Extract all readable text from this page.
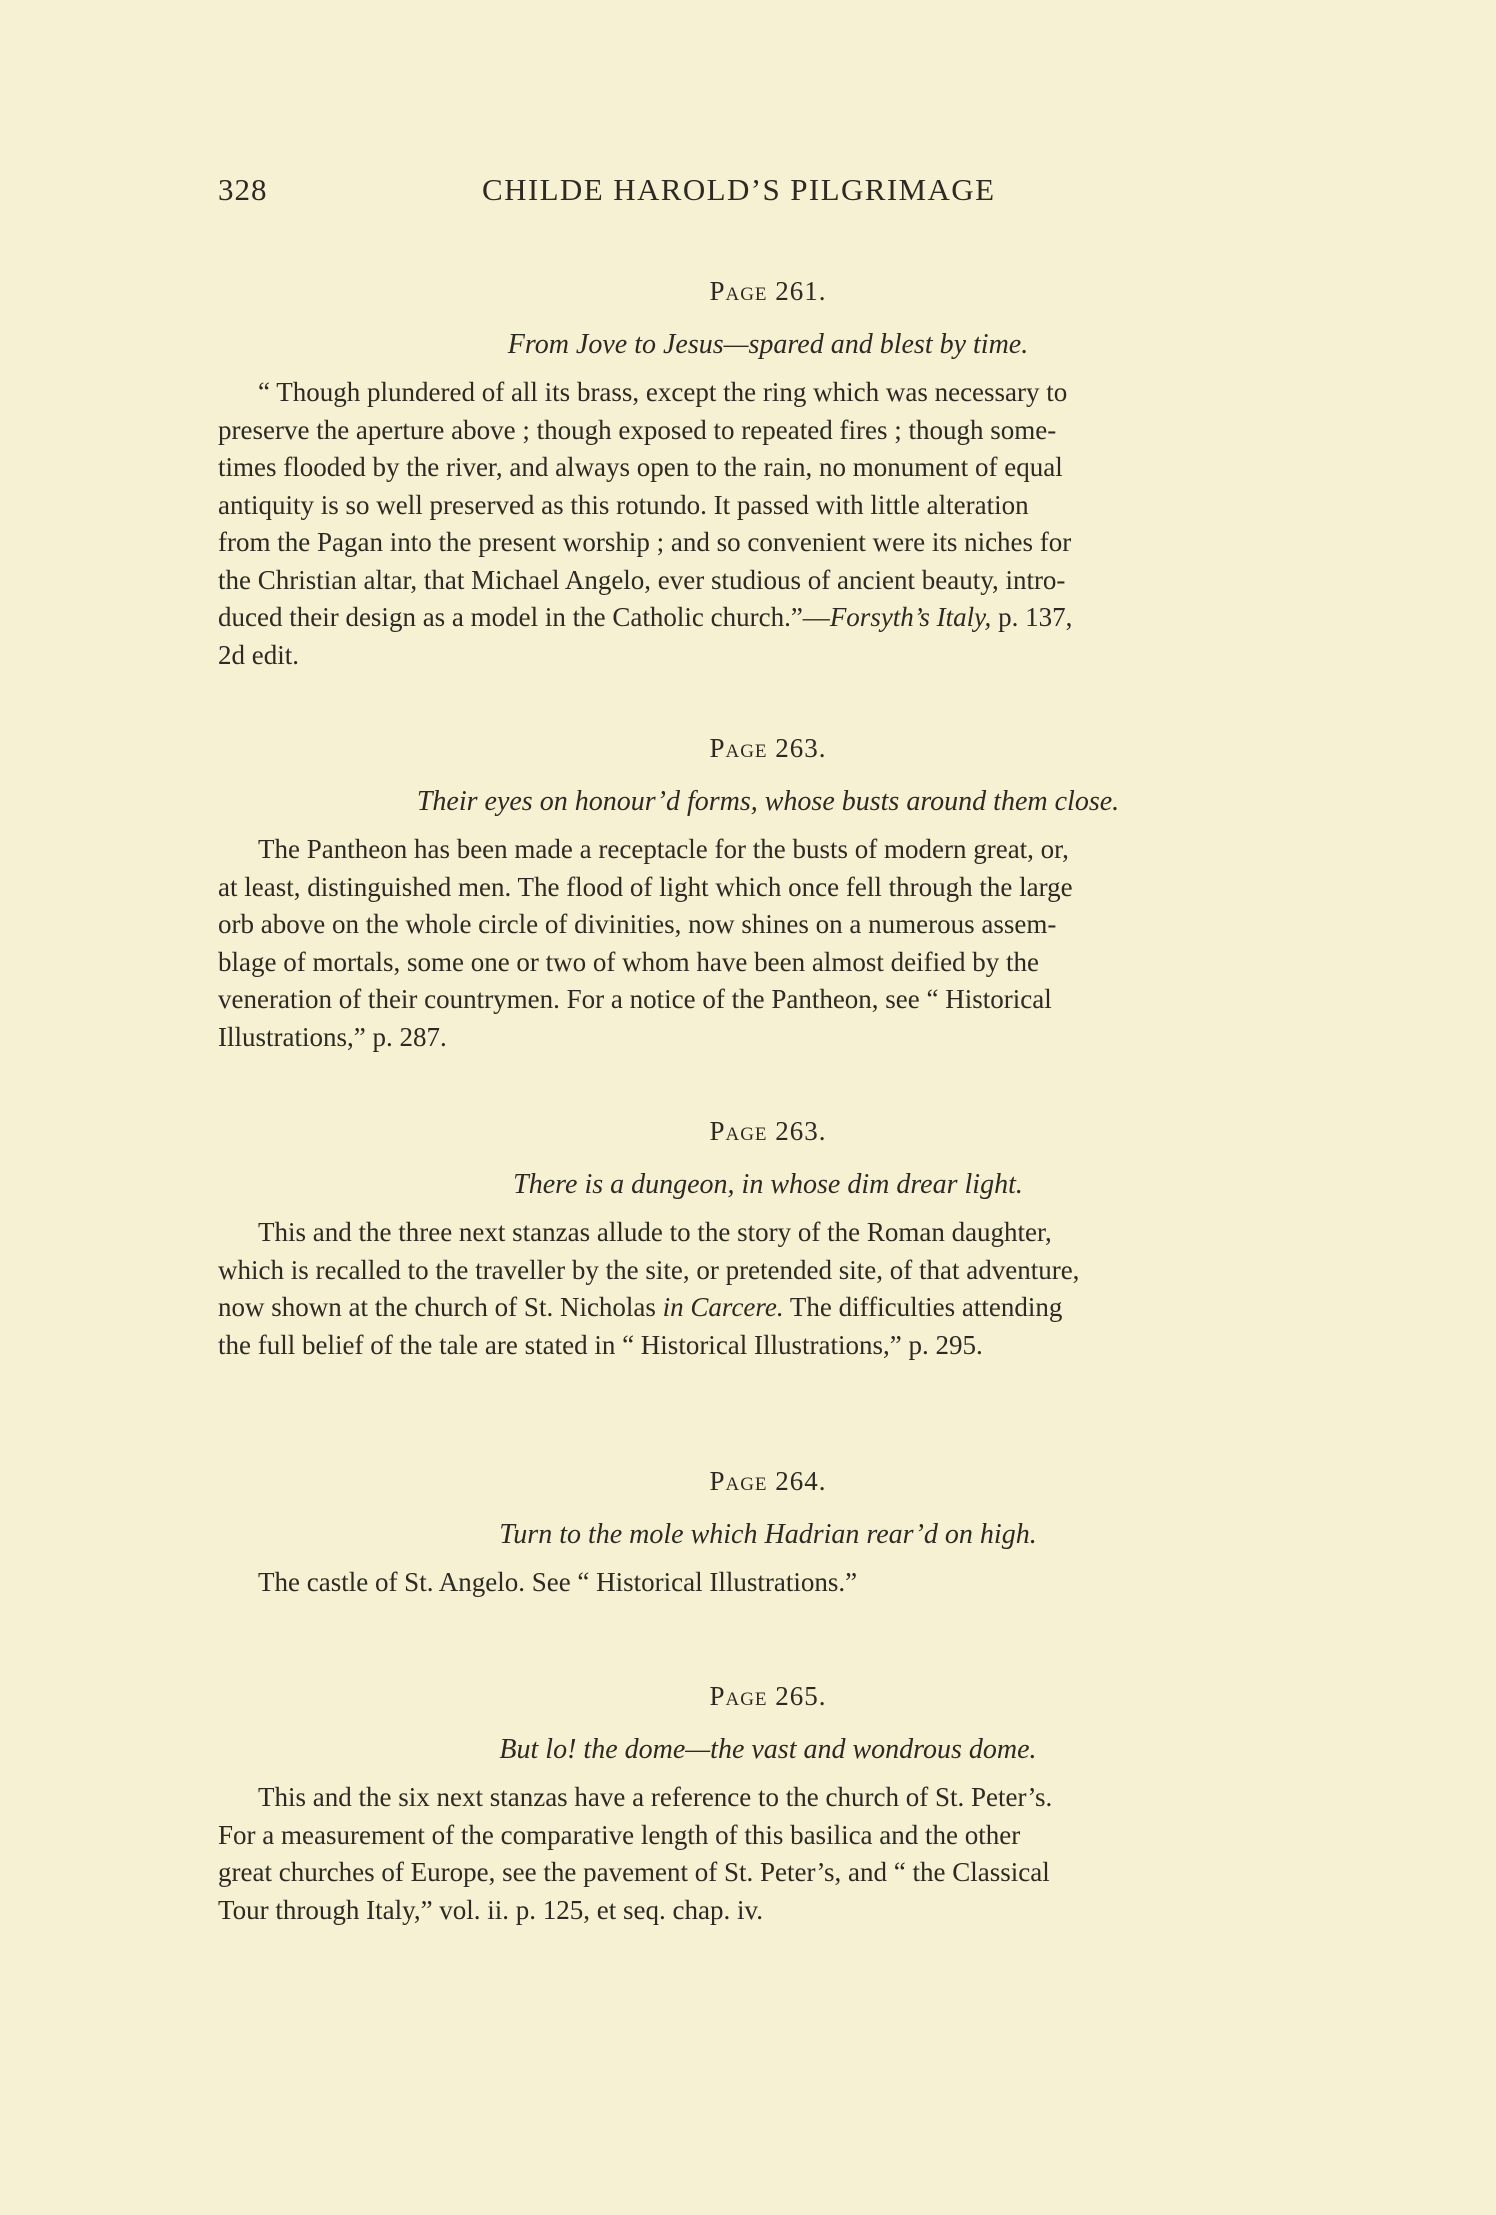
328	CHILDE HAROLD’S PILGRIMAGE

Page 261.

From Jove to Jesus—spared and blest by time.

“ Though plundered of all its brass, except the ring which was necessary to
preserve the aperture above ; though exposed to repeated fires ; though some-
times flooded by the river, and always open to the rain, no monument of equal
antiquity is so well preserved as this rotundo. It passed with little alteration
from the Pagan into the present worship ; and so convenient were its niches for
the Christian altar, that Michael Angelo, ever studious of ancient beauty, intro-
duced their design as a model in the Catholic church.”—Forsyth’s Italy, p. 137,
2d edit.

Page 263.

Their eyes on honour’d forms, whose busts around them close.

The Pantheon has been made a receptacle for the busts of modern great, or,
at least, distinguished men. The flood of light which once fell through the large
orb above on the whole circle of divinities, now shines on a numerous assem-
blage of mortals, some one or two of whom have been almost deified by the
veneration of their countrymen. For a notice of the Pantheon, see “ Historical
Illustrations,” p. 287.

Page 263.

There is a dungeon, in whose dim drear light.

This and the three next stanzas allude to the story of the Roman daughter,
which is recalled to the traveller by the site, or pretended site, of that adventure,
now shown at the church of St. Nicholas in Carcere. The difficulties attending
the full belief of the tale are stated in “ Historical Illustrations,” p. 295.

Page 264.

Turn to the mole which Hadrian rear’d on high.

The castle of St. Angelo. See “ Historical Illustrations.”

Page 265.

But lo! the dome—the vast and wondrous dome.

This and the six next stanzas have a reference to the church of St. Peter’s.
For a measurement of the comparative length of this basilica and the other
great churches of Europe, see the pavement of St. Peter’s, and “ the Classical
Tour through Italy,” vol. ii. p. 125, et seq. chap. iv.
